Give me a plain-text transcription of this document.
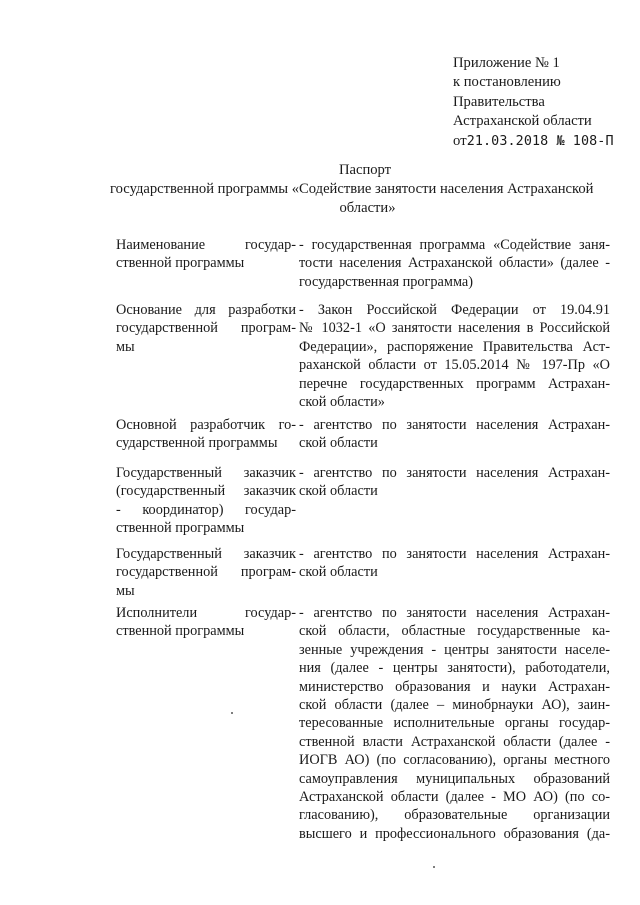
Приложение № 1
к постановлению
Правительства
Астраханской области
от21.03.2018 № 108-П
Паспорт
государственной программы «Содействие занятости населения Астраханской
области»
Наименование государ-
ственной программы
- государственная программа «Содействие заня-
тости населения Астраханской области» (далее -
государственная программа)
Основание для разработки
государственной програм-
мы
- Закон Российской Федерации от 19.04.91
№ 1032-1 «О занятости населения в Российской
Федерации», распоряжение Правительства Аст-
раханской области от 15.05.2014 № 197-Пр «О
перечне государственных программ Астрахан-
ской области»
Основной разработчик го-
сударственной программы
- агентство по занятости населения Астрахан-
ской области
Государственный заказчик
(государственный заказчик
- координатор) государ-
ственной программы
- агентство по занятости населения Астрахан-
ской области
Государственный заказчик
государственной програм-
мы
- агентство по занятости населения Астрахан-
ской области
Исполнители государ-
ственной программы
- агентство по занятости населения Астрахан-
ской области, областные государственные ка-
зенные учреждения - центры занятости населе-
ния (далее - центры занятости), работодатели,
министерство образования и науки Астрахан-
ской области (далее – минобрнауки АО), заин-
тересованные исполнительные органы государ-
ственной власти Астраханской области (далее -
ИОГВ АО) (по согласованию), органы местного
самоуправления муниципальных образований
Астраханской области (далее - МО АО) (по со-
гласованию), образовательные организации
высшего и профессионального образования (да-
